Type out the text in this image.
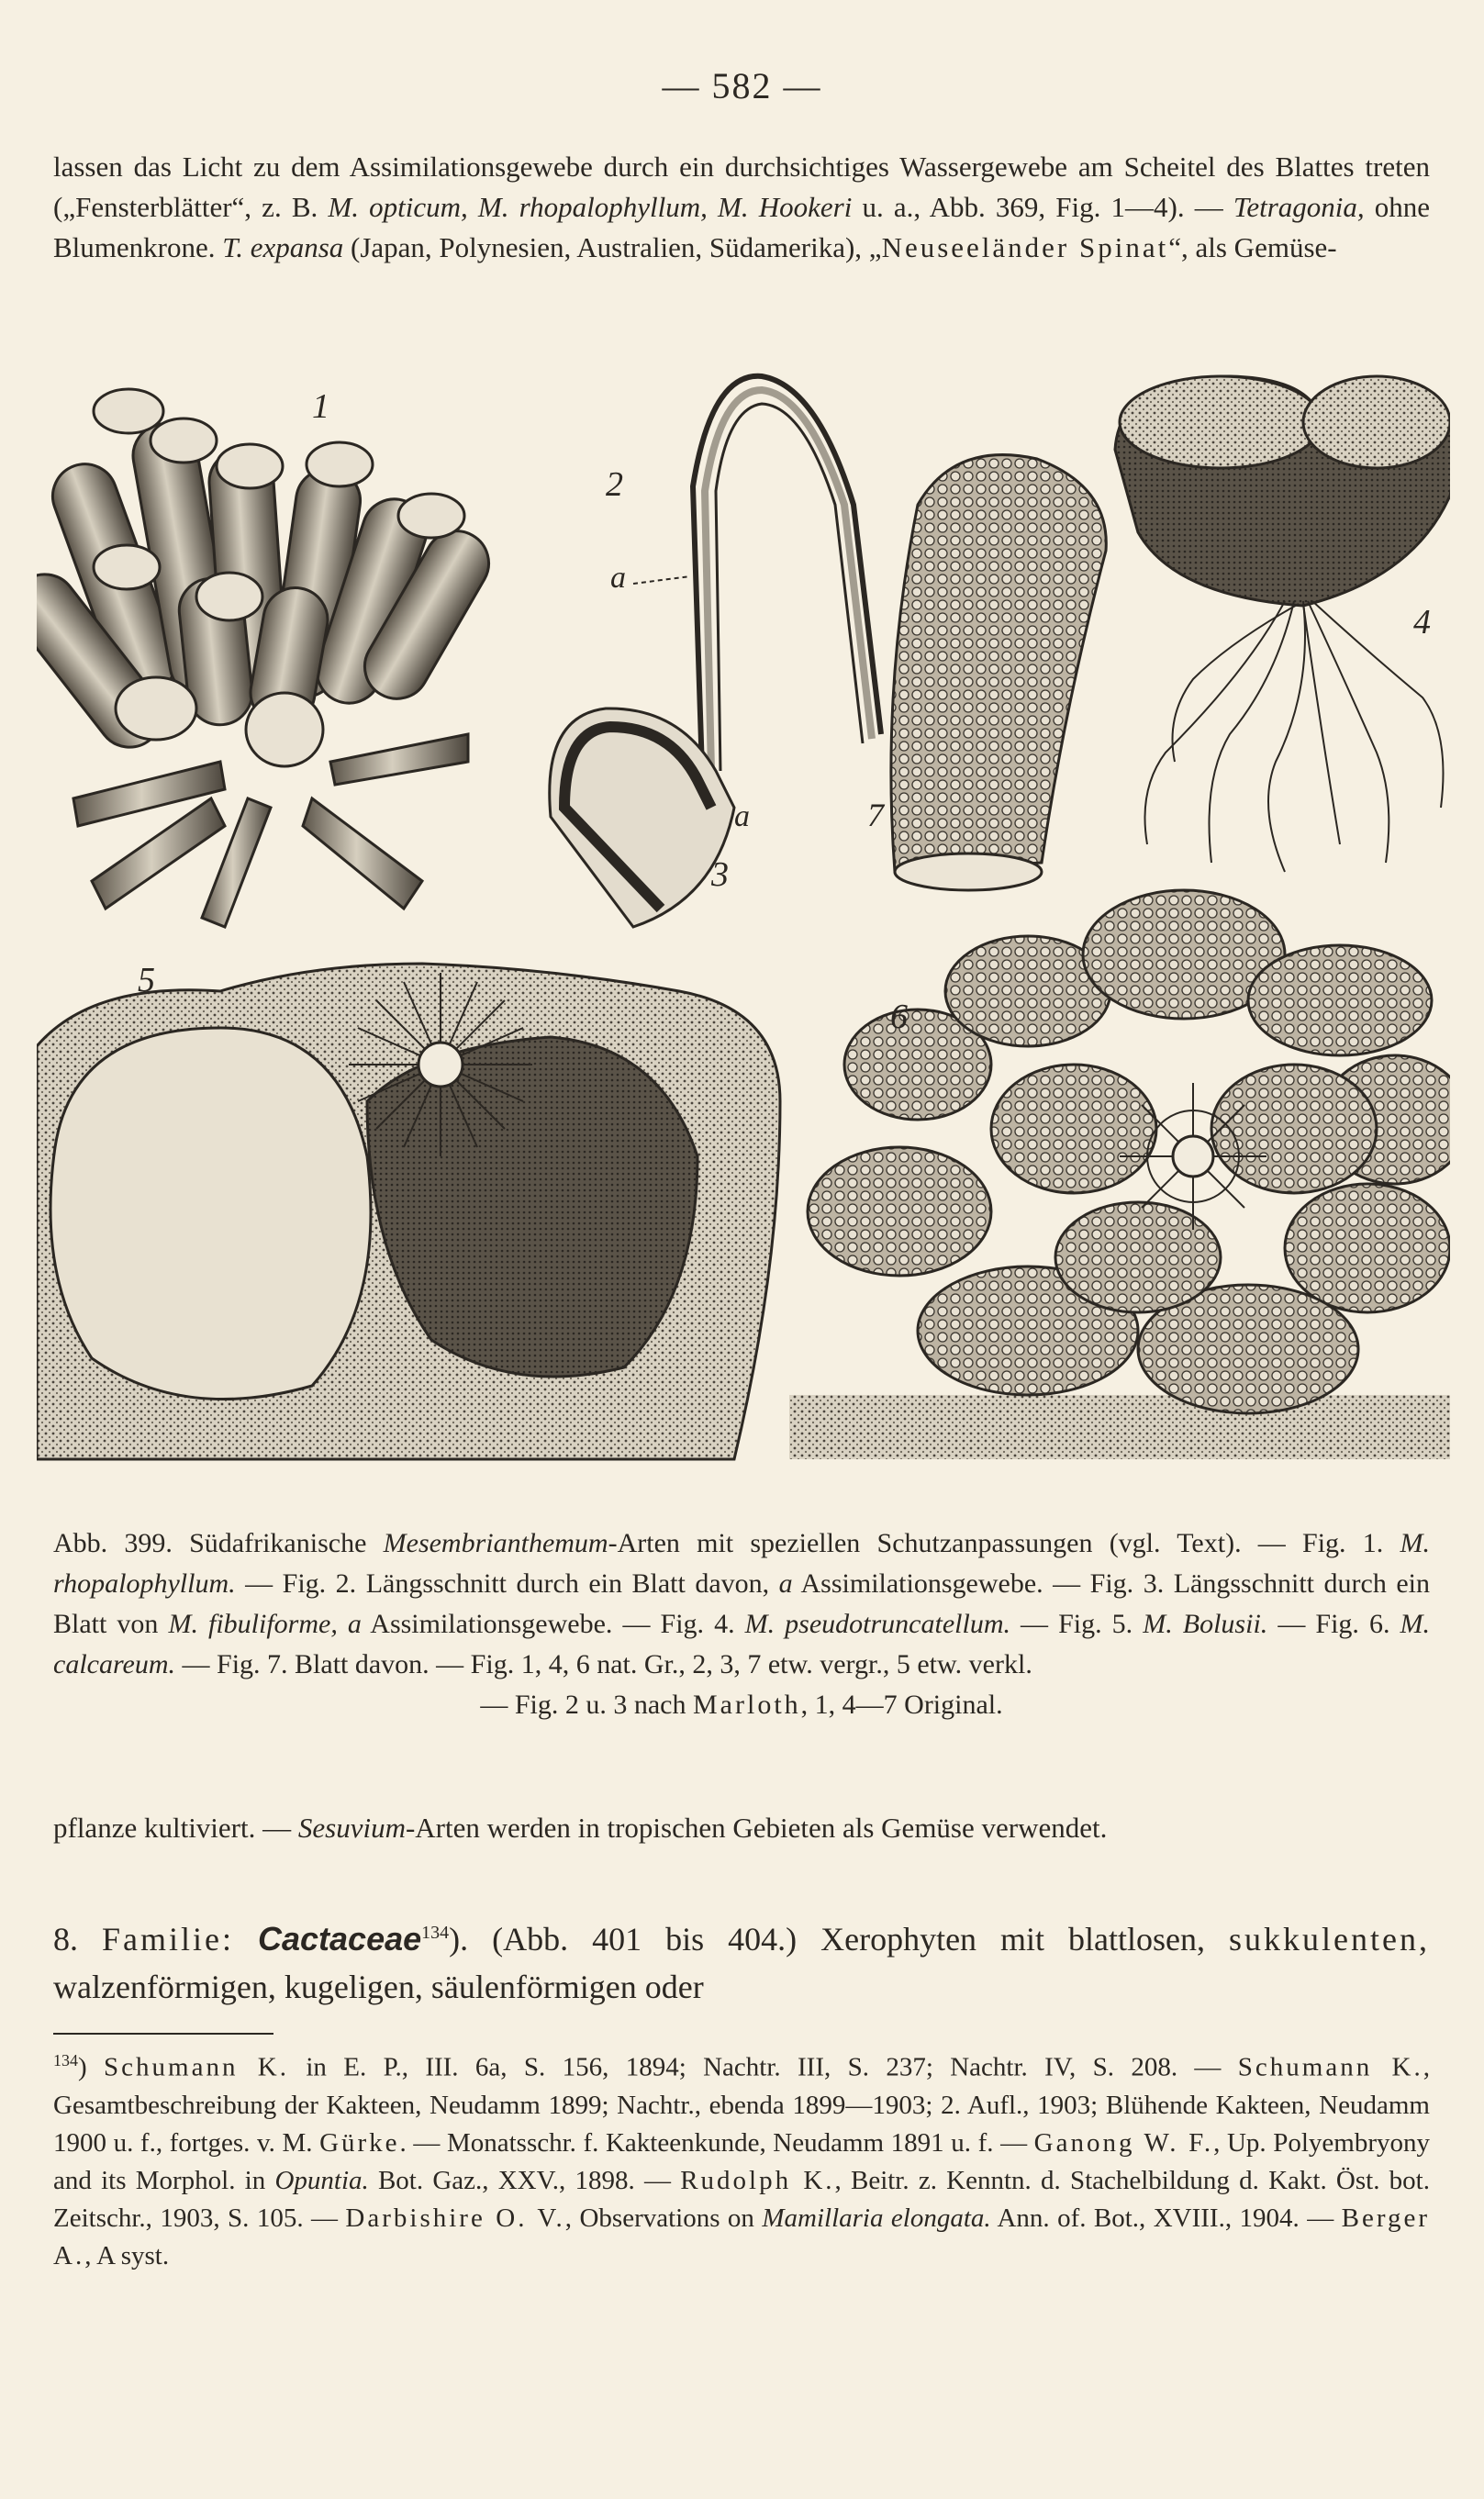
— 582 —
lassen das Licht zu dem Assimilationsgewebe durch ein durchsichtiges Wassergewebe am Scheitel des Blattes treten („Fensterblätter“, z. B. M. opticum, M. rhopalophyllum, M. Hookeri u. a., Abb. 369, Fig. 1—4). — Tetragonia, ohne Blumenkrone. T. expansa (Japan, Polynesien, Australien, Südamerika), „Neuseeländer Spinat“, als Gemüse-
1
2
a
a
3
7
4
5
6
Abb. 399. Südafrikanische Mesembrianthemum-Arten mit speziellen Schutzanpassungen (vgl. Text). — Fig. 1. M. rhopalophyllum. — Fig. 2. Längsschnitt durch ein Blatt davon, a Assimilationsgewebe. — Fig. 3. Längsschnitt durch ein Blatt von M. fibuliforme, a Assimilationsgewebe. — Fig. 4. M. pseudotruncatellum. — Fig. 5. M. Bolusii. — Fig. 6. M. calcareum. — Fig. 7. Blatt davon. — Fig. 1, 4, 6 nat. Gr., 2, 3, 7 etw. vergr., 5 etw. verkl.
— Fig. 2 u. 3 nach Marloth, 1, 4—7 Original.
pflanze kultiviert. — Sesuvium-Arten werden in tropischen Gebieten als Gemüse verwendet.
8. Familie: Cactaceae$^{134}$). (Abb. 401 bis 404.) Xerophyten mit blattlosen, sukkulenten, walzenförmigen, kugeligen, säulenförmigen oder
$^{134}$) Schumann K. in E. P., III. 6a, S. 156, 1894; Nachtr. III, S. 237; Nachtr. IV, S. 208. — Schumann K., Gesamtbeschreibung der Kakteen, Neudamm 1899; Nachtr., ebenda 1899—1903; 2. Aufl., 1903; Blühende Kakteen, Neudamm 1900 u. f., fortges. v. M. Gürke. — Monatsschr. f. Kakteenkunde, Neudamm 1891 u. f. — Ganong W. F., Up. Polyembryony and its Morphol. in Opuntia. Bot. Gaz., XXV., 1898. — Rudolph K., Beitr. z. Kenntn. d. Stachelbildung d. Kakt. Öst. bot. Zeitschr., 1903, S. 105. — Darbishire O. V., Observations on Mamillaria elongata. Ann. of. Bot., XVIII., 1904. — Berger A., A syst.
